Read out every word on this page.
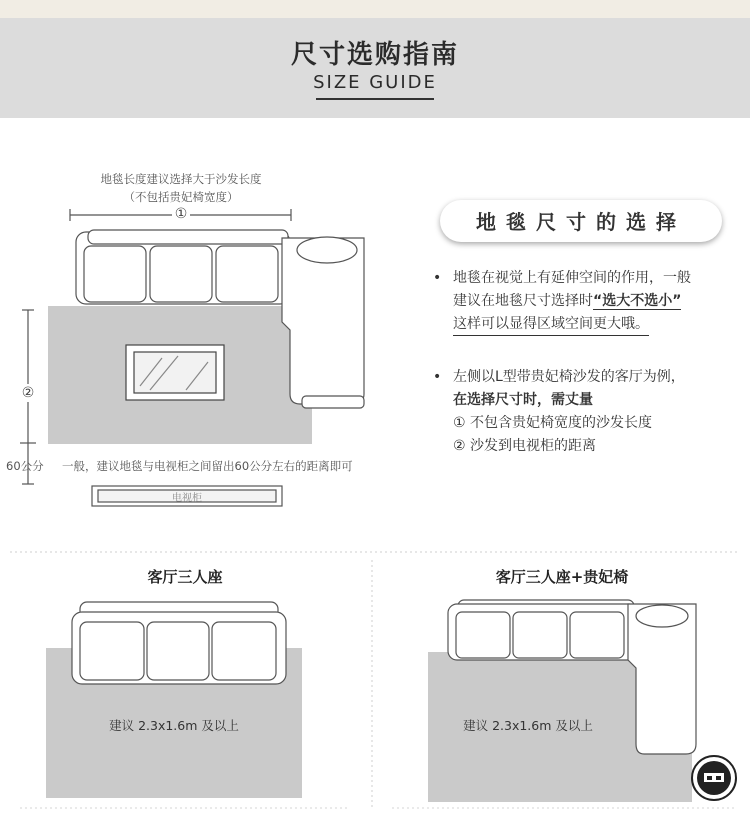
尺寸选购指南
SIZE GUIDE
地毯长度建议选择大于沙发长度
（不包括贵妃椅宽度）
①
②
60公分 一般，建议地毯与电视柜之间留出60公分左右的距离即可
电视柜
地毯尺寸的选择
• 地毯在视觉上有延伸空间的作用，一般
建议在地毯尺寸选择时“选大不选小”
这样可以显得区域空间更大哦。
• 左侧以L型带贵妃椅沙发的客厅为例，
在选择尺寸时，需丈量
① 不包含贵妃椅宽度的沙发长度
② 沙发到电视柜的距离
客厅三人座
建议 2.3x1.6m 及以上
客厅三人座+贵妃椅
建议 2.3x1.6m 及以上
